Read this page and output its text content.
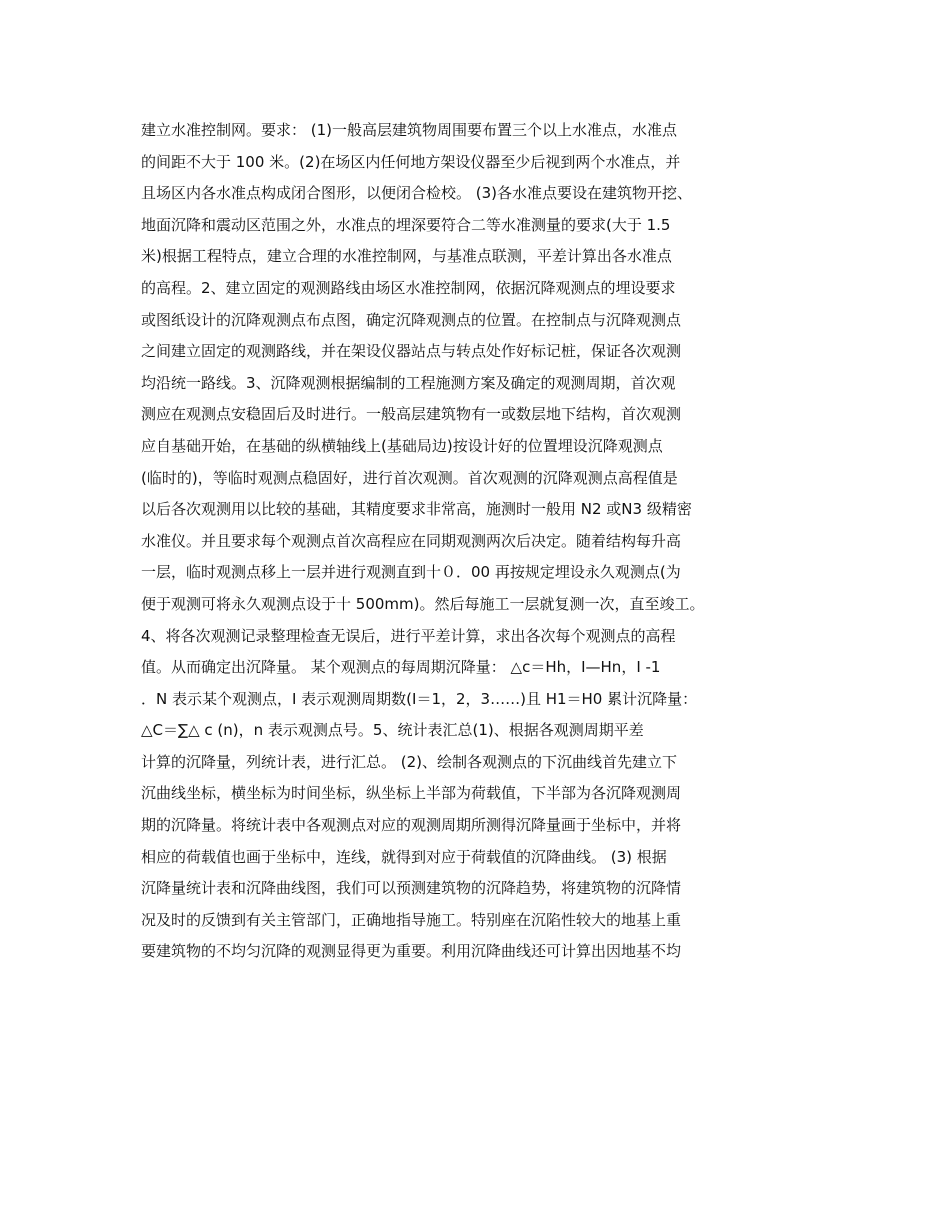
建立水准控制网。要求： (1)一般高层建筑物周围要布置三个以上水准点，水准点
的间距不大于 100 米。(2)在场区内任何地方架设仪器至少后视到两个水准点，并
且场区内各水准点构成闭合图形，以便闭合检校。 (3)各水准点要设在建筑物开挖、
地面沉降和震动区范围之外，水准点的埋深要符合二等水准测量的要求(大于 1.5
米)根据工程特点，建立合理的水准控制网，与基准点联测，平差计算出各水准点
的高程。2、建立固定的观测路线由场区水准控制网，依据沉降观测点的埋设要求
或图纸设计的沉降观测点布点图，确定沉降观测点的位置。在控制点与沉降观测点
之间建立固定的观测路线，并在架设仪器站点与转点处作好标记桩，保证各次观测
均沿统一路线。3、沉降观测根据编制的工程施测方案及确定的观测周期，首次观
测应在观测点安稳固后及时进行。一般高层建筑物有一或数层地下结构，首次观测
应自基础开始，在基础的纵横轴线上(基础局边)按设计好的位置埋设沉降观测点
(临时的)，等临时观测点稳固好，进行首次观测。首次观测的沉降观测点高程值是
以后各次观测用以比较的基础，其精度要求非常高，施测时一般用 N2 或N3 级精密
水准仪。并且要求每个观测点首次高程应在同期观测两次后决定。随着结构每升高
一层，临时观测点移上一层并进行观测直到十０．00 再按规定埋设永久观测点(为
便于观测可将永久观测点设于十 500mm)。然后每施工一层就复测一次，直至竣工。
4、将各次观测记录整理检查无误后，进行平差计算，求出各次每个观测点的高程
值。从而确定出沉降量。 某个观测点的每周期沉降量： △c＝Hh，I—Hn，I -1
．N 表示某个观测点，I 表示观测周期数(I＝1，2，3……)且 H1＝H0 累计沉降量：
△C＝∑△ c (n)，n 表示观测点号。5、统计表汇总(1)、根据各观测周期平差
计算的沉降量，列统计表，进行汇总。 (2)、绘制各观测点的下沉曲线首先建立下
沉曲线坐标，横坐标为时间坐标，纵坐标上半部为荷载值，下半部为各沉降观测周
期的沉降量。将统计表中各观测点对应的观测周期所测得沉降量画于坐标中，并将
相应的荷载值也画于坐标中，连线，就得到对应于荷载值的沉降曲线。 (3) 根据
沉降量统计表和沉降曲线图，我们可以预测建筑物的沉降趋势，将建筑物的沉降情
况及时的反馈到有关主管部门，正确地指导施工。特别座在沉陷性较大的地基上重
要建筑物的不均匀沉降的观测显得更为重要。利用沉降曲线还可计算出因地基不均
